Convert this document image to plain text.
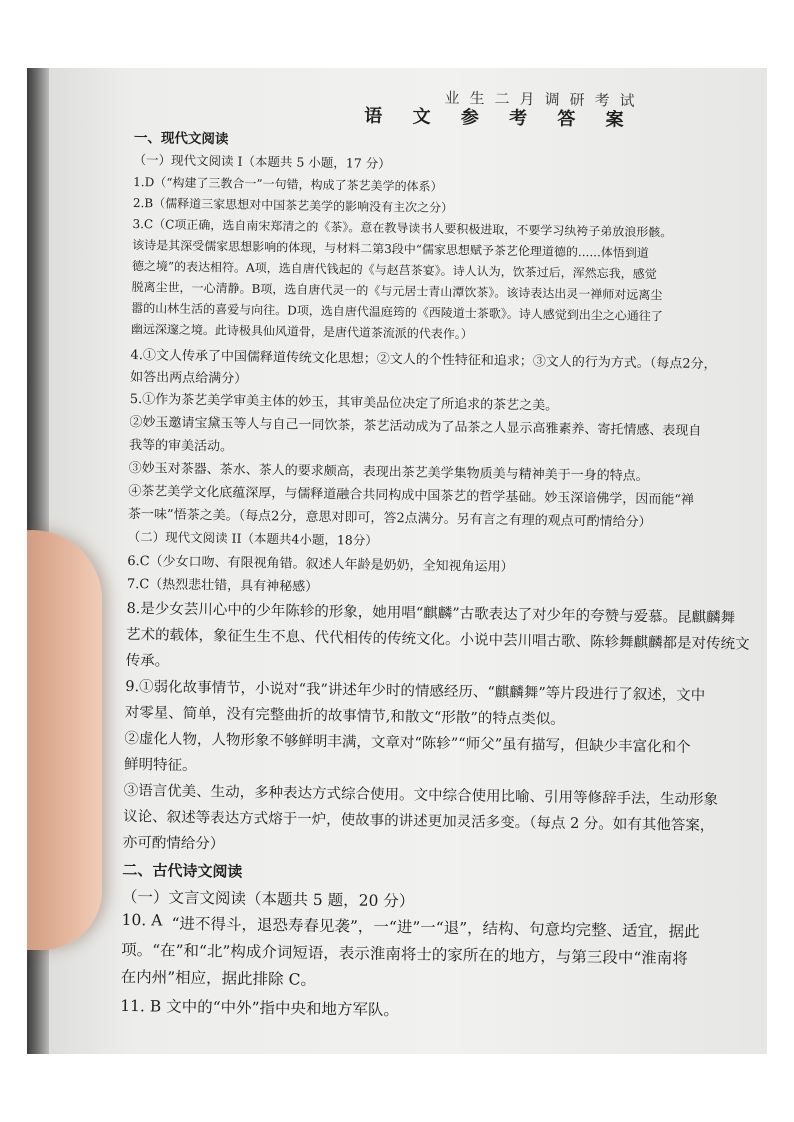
业生二月调研考试
语 文 参 考 答 案
一、现代文阅读
（一）现代文阅读 I（本题共 5 小题，17 分）
1.D（“构建了三教合一”一句错，构成了茶艺美学的体系）
2.B（儒释道三家思想对中国茶艺美学的影响没有主次之分）
3.C（C项正确，选自南宋郑清之的《茶》。意在教导读书人要积极进取，不要学习纨袴子弟放浪形骸。
该诗是其深受儒家思想影响的体现，与材料二第3段中“儒家思想赋予茶艺伦理道德的......体悟到道
德之境”的表达相符。A项，选自唐代钱起的《与赵莒茶宴》。诗人认为，饮茶过后，浑然忘我，感觉
脱离尘世，一心清静。B项，选自唐代灵一的《与元居士青山潭饮茶》。该诗表达出灵一禅师对远离尘
嚣的山林生活的喜爱与向往。D项，选自唐代温庭筠的《西陵道士茶歌》。诗人感觉到出尘之心通往了
幽远深邃之境。此诗极具仙风道骨，是唐代道茶流派的代表作。）
4.①文人传承了中国儒释道传统文化思想；②文人的个性特征和追求；③文人的行为方式。（每点2分，
如答出两点给满分）
5.①作为茶艺美学审美主体的妙玉，其审美品位决定了所追求的茶艺之美。
②妙玉邀请宝黛玉等人与自己一同饮茶，茶艺活动成为了品茶之人显示高雅素养、寄托情感、表现自
我等的审美活动。
③妙玉对茶器、茶水、茶人的要求颇高，表现出茶艺美学集物质美与精神美于一身的特点。
④茶艺美学文化底蕴深厚，与儒释道融合共同构成中国茶艺的哲学基础。妙玉深谙佛学，因而能“禅
茶一味”悟茶之美。（每点2分，意思对即可，答2点满分。另有言之有理的观点可酌情给分）
（二）现代文阅读 II（本题共4小题，18分）
6.C（少女口吻、有限视角错。叙述人年龄是奶奶，全知视角运用）
7.C（热烈悲壮错，具有神秘感）
8.是少女芸川心中的少年陈轸的形象，她用唱“麒麟”古歌表达了对少年的夸赞与爱慕。昆麒麟舞
艺术的载体，象征生生不息、代代相传的传统文化。小说中芸川唱古歌、陈轸舞麒麟都是对传统文
传承。
9.①弱化故事情节，小说对“我”讲述年少时的情感经历、“麒麟舞”等片段进行了叙述，文中
对零星、简单，没有完整曲折的故事情节,和散文“形散”的特点类似。
②虚化人物，人物形象不够鲜明丰满，文章对“陈轸”“师父”虽有描写，但缺少丰富化和个
鲜明特征。
③语言优美、生动，多种表达方式综合使用。文中综合使用比喻、引用等修辞手法，生动形象
议论、叙述等表达方式熔于一炉，使故事的讲述更加灵活多变。（每点 2 分。如有其他答案，
亦可酌情给分）
二、古代诗文阅读
（一）文言文阅读（本题共 5 题，20 分）
“进不得斗，退恐寿春见袭”，一“进”一“退”，结构、句意均完整、适宜，据此
10. A
项。“在”和“北”构成介词短语，表示淮南将士的家所在的地方，与第三段中“淮南将
在内州”相应，据此排除 C。
11. B 文中的“中外”指中央和地方军队。
